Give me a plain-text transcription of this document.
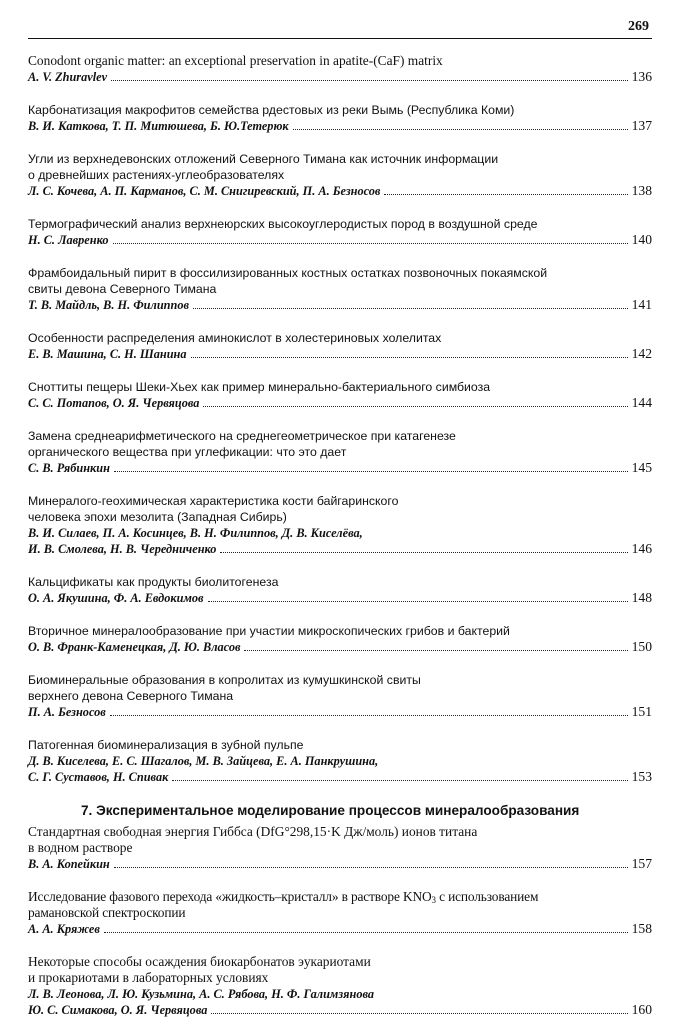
269
Conodont organic matter: an exceptional preservation in apatite-(CaF) matrix
A. V. Zhuravlev	136
Карбонатизация макрофитов семейства рдестовых из реки Вымь (Республика Коми)
В. И. Каткова, Т. П. Митюшева, Б. Ю.Тетерюк	137
Угли из верхнедевонских отложений Северного Тимана как источник информации
о древнейших растениях-углеобразователях
Л. С. Кочева, А. П. Карманов, С. М. Снигиревский, П. А. Безносов	138
Термографический анализ верхнеюрских высокоуглеродистых пород в воздушной среде
Н. С. Лавренко	140
Фрамбоидальный пирит в фоссилизированных костных остатках позвоночных покаямской
свиты девона Северного Тимана
Т. В. Майдль, В. Н. Филиппов	141
Особенности распределения аминокислот в холестериновых холелитах
Е. В. Машина, С. Н. Шанина	142
Сноттиты пещеры Шеки-Хьех как пример минерально-бактериального симбиоза
С. С. Потапов, О. Я. Червяцова	144
Замена среднеарифметического на среднегеометрическое при катагенезе
органического вещества при углефикации: что это дает
С. В. Рябинкин	145
Минералого-геохимическая характеристика кости байгаринского
человека эпохи мезолита (Западная Сибирь)
В. И. Силаев, П. А. Косинцев, В. Н. Филиппов, Д. В. Киселёва,
И. В. Смолева, Н. В. Чередниченко	146
Кальцификаты как продукты биолитогенеза
О. А. Якушина, Ф. А. Евдокимов	148
Вторичное минералообразование при участии микроскопических грибов и бактерий
О. В. Франк-Каменецкая, Д. Ю. Власов	150
Биоминеральные образования в копролитах из кумушкинской свиты
верхнего девона Северного Тимана
П. А. Безносов	151
Патогенная биоминерализация в зубной пульпе
Д. В. Киселева, Е. С. Шагалов, М. В. Зайцева, Е. А. Панкрушина,
С. Г. Суставов, Н. Спивак	153
7. Экспериментальное моделирование процессов минералообразования
Стандартная свободная энергия Гиббса (DfG°298,15·K Дж/моль) ионов титана
в водном растворе
В. А. Копейкин	157
Исследование фазового перехода «жидкость–кристалл» в растворе $KNO_3$ с использованием
рамановской спектроскопии
А. А. Кряжев	158
Некоторые способы осаждения биокарбонатов эукариотами
и прокариотами в лабораторных условиях
Л. В. Леонова, Л. Ю. Кузьмина, А. С. Рябова, Н. Ф. Галимзянова
Ю. С. Симакова, О. Я. Червяцова	160
